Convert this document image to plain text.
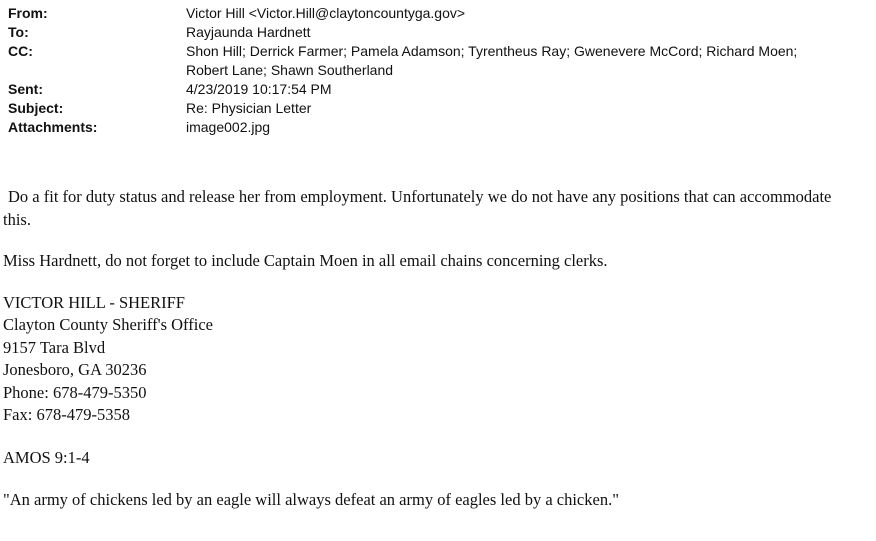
From:	Victor Hill <Victor.Hill@claytoncountyga.gov>
To:	Rayjaunda Hardnett
CC:	Shon Hill; Derrick Farmer; Pamela Adamson; Tyrentheus Ray; Gwenevere McCord; Richard Moen; Robert Lane; Shawn Southerland
Sent:	4/23/2019 10:17:54 PM
Subject:	Re: Physician Letter
Attachments:	image002.jpg

Do a fit for duty status and release her from employment. Unfortunately we do not have any positions that can accommodate this.

Miss Hardnett, do not forget to include Captain Moen in all email chains concerning clerks.

VICTOR HILL - SHERIFF
Clayton County Sheriff's Office
9157 Tara Blvd
Jonesboro, GA 30236
Phone: 678-479-5350
Fax: 678-479-5358

AMOS 9:1-4

"An army of chickens led by an eagle will always defeat an army of eagles led by a chicken."
